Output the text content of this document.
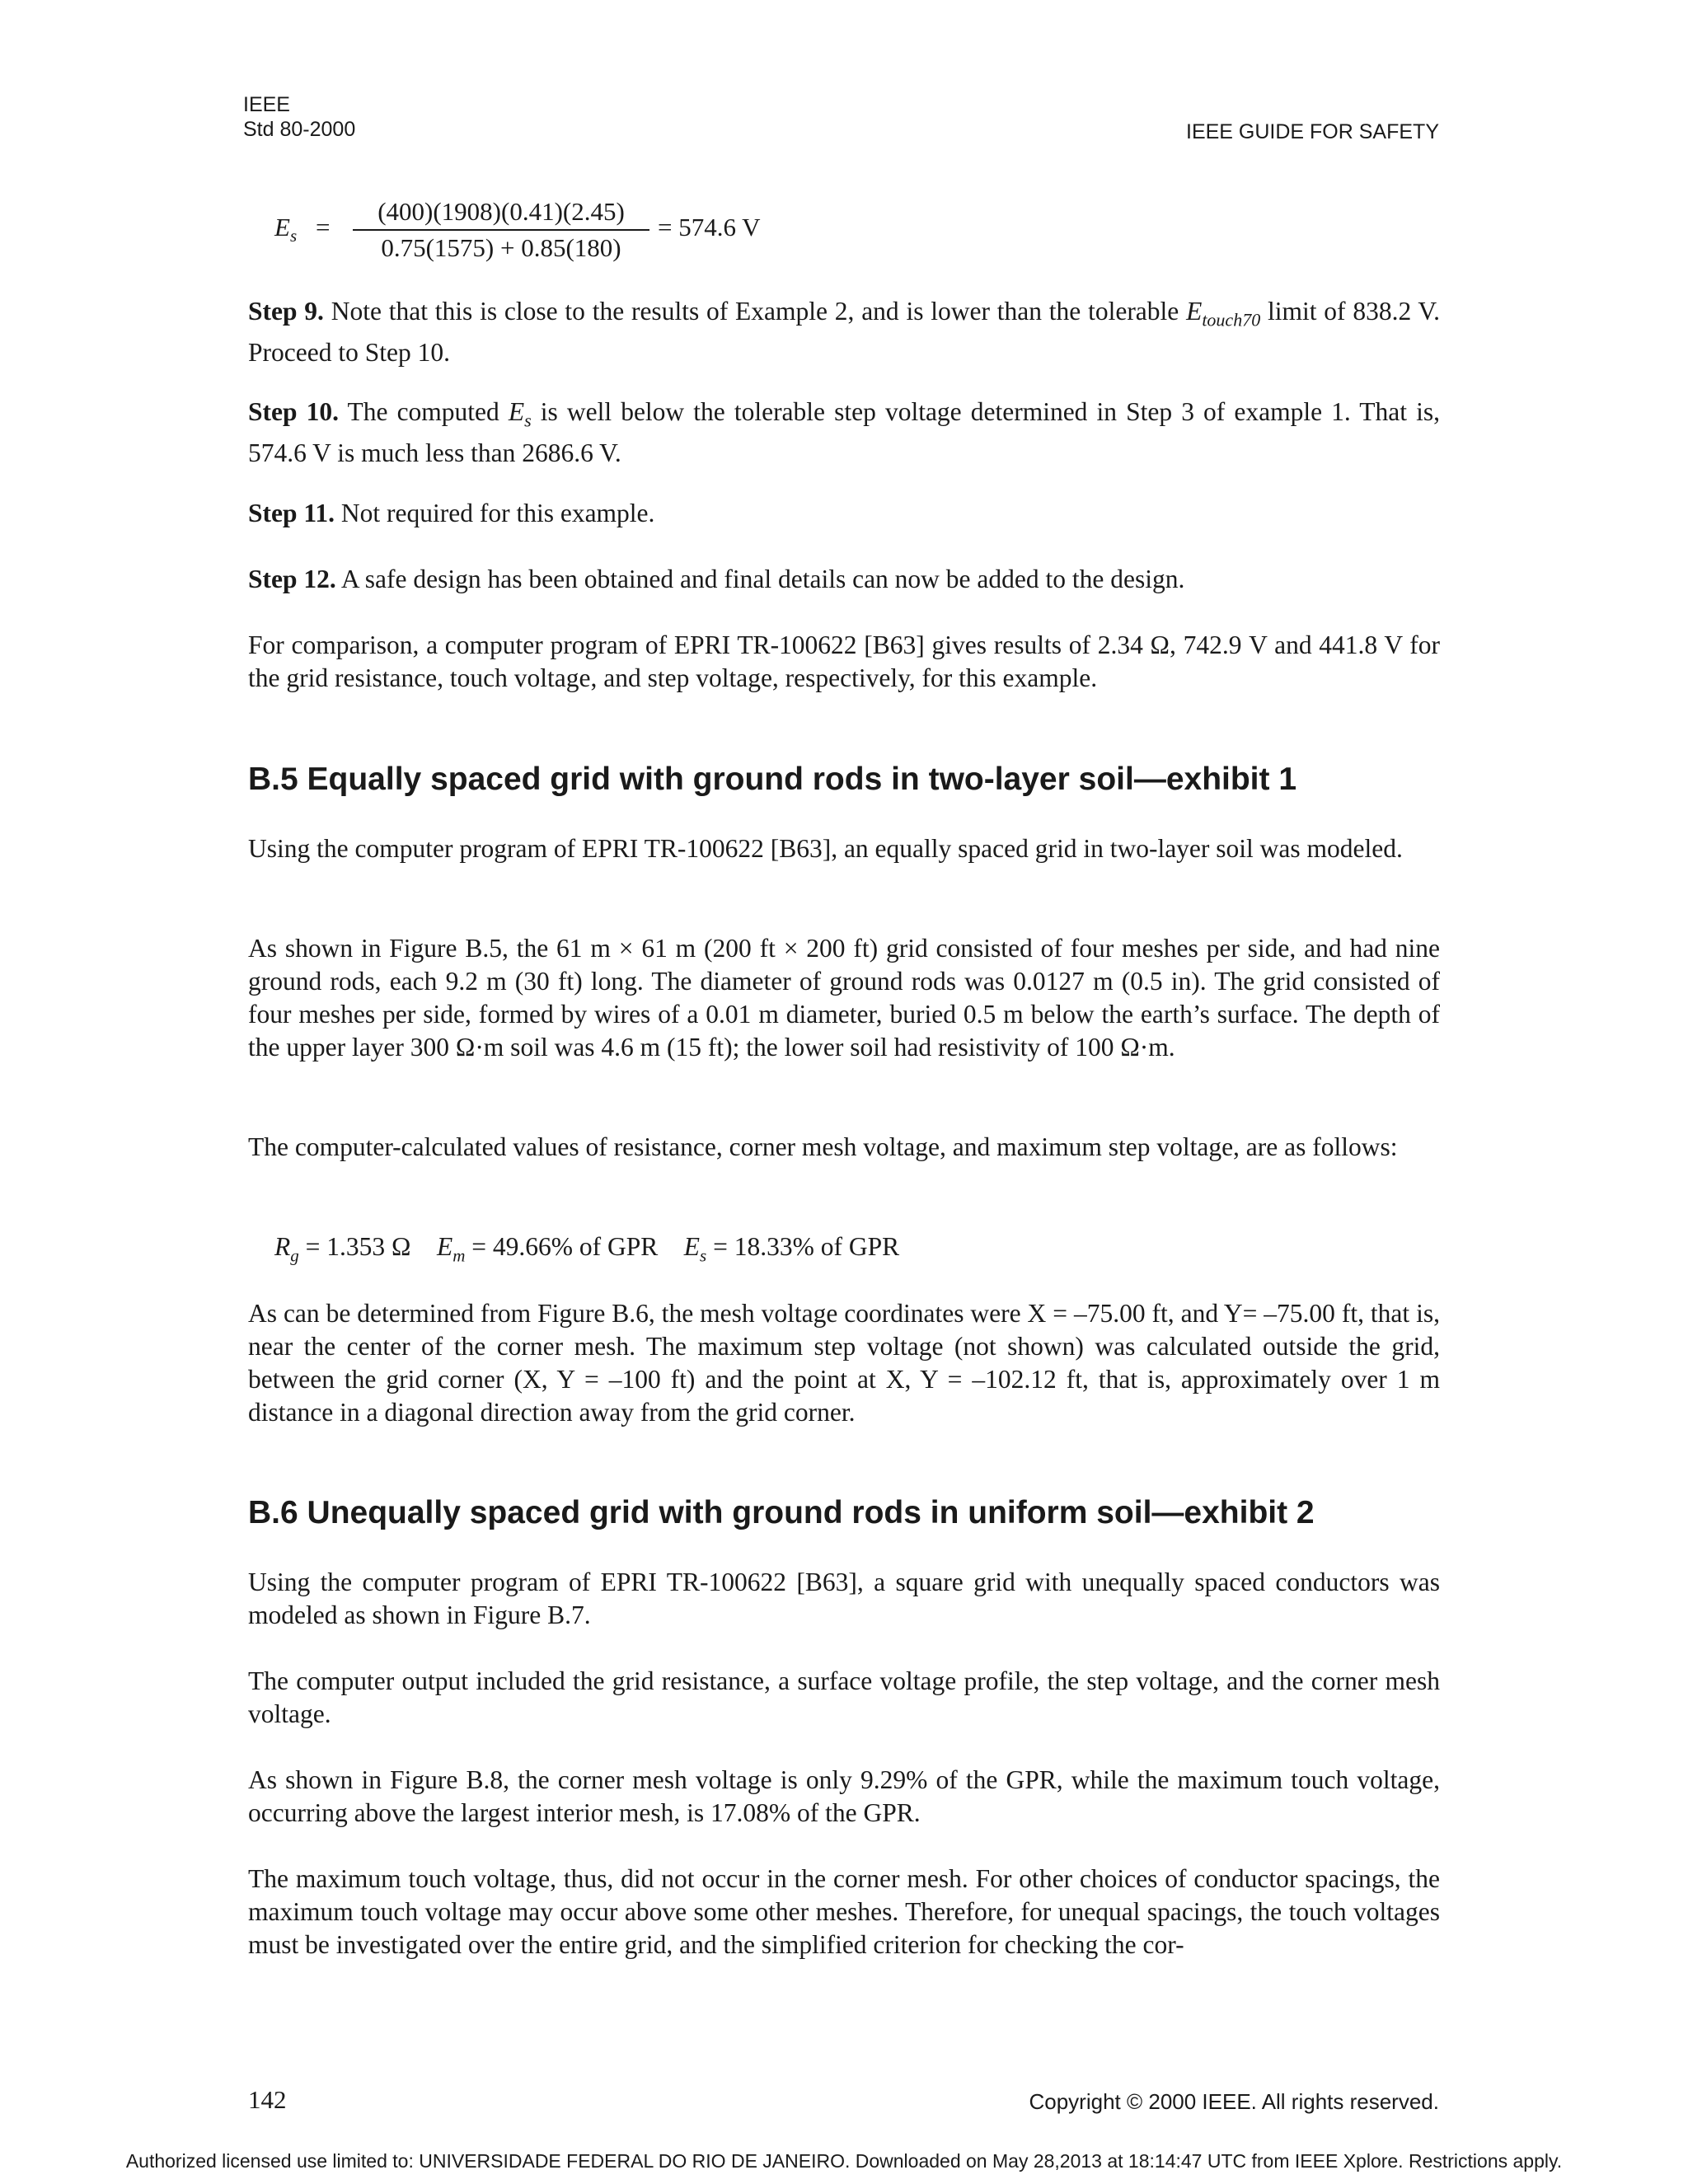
IEEE
Std 80-2000	IEEE GUIDE FOR SAFETY
$E_s$ =
(400)(1908)(0.41)(2.45)
0.75(1575) + 0.85(180)
= 574.6 V

Step 9. Note that this is close to the results of Example 2, and is lower than the tolerable $E_{touch70}$ limit of 838.2 V. Proceed to Step 10.

Step 10. The computed $E_s$ is well below the tolerable step voltage determined in Step 3 of example 1. That is, 574.6 V is much less than 2686.6 V.

Step 11. Not required for this example.

Step 12. A safe design has been obtained and final details can now be added to the design.

For comparison, a computer program of EPRI TR-100622 [B63] gives results of 2.34 Ω, 742.9 V and 441.8 V for the grid resistance, touch voltage, and step voltage, respectively, for this example.

B.5 Equally spaced grid with ground rods in two-layer soil—exhibit 1

Using the computer program of EPRI TR-100622 [B63], an equally spaced grid in two-layer soil was modeled.

As shown in Figure B.5, the 61 m × 61 m (200 ft × 200 ft) grid consisted of four meshes per side, and had nine ground rods, each 9.2 m (30 ft) long. The diameter of ground rods was 0.0127 m (0.5 in). The grid consisted of four meshes per side, formed by wires of a 0.01 m diameter, buried 0.5 m below the earth’s surface. The depth of the upper layer 300 Ω·m soil was 4.6 m (15 ft); the lower soil had resistivity of 100 Ω·m.

The computer-calculated values of resistance, corner mesh voltage, and maximum step voltage, are as follows:

$R_g = 1.353$ Ω $E_m = 49.66\%$ of GPR $E_s = 18.33\%$ of GPR

As can be determined from Figure B.6, the mesh voltage coordinates were X = –75.00 ft, and Y= –75.00 ft, that is, near the center of the corner mesh. The maximum step voltage (not shown) was calculated outside the grid, between the grid corner (X, Y = –100 ft) and the point at X, Y = –102.12 ft, that is, approximately over 1 m distance in a diagonal direction away from the grid corner.

B.6 Unequally spaced grid with ground rods in uniform soil—exhibit 2

Using the computer program of EPRI TR-100622 [B63], a square grid with unequally spaced conductors was modeled as shown in Figure B.7.

The computer output included the grid resistance, a surface voltage profile, the step voltage, and the corner mesh voltage.

As shown in Figure B.8, the corner mesh voltage is only 9.29% of the GPR, while the maximum touch voltage, occurring above the largest interior mesh, is 17.08% of the GPR.

The maximum touch voltage, thus, did not occur in the corner mesh. For other choices of conductor spacings, the maximum touch voltage may occur above some other meshes. Therefore, for unequal spacings, the touch voltages must be investigated over the entire grid, and the simplified criterion for checking the cor-

142	Copyright © 2000 IEEE. All rights reserved.
Authorized licensed use limited to: UNIVERSIDADE FEDERAL DO RIO DE JANEIRO. Downloaded on May 28,2013 at 18:14:47 UTC from IEEE Xplore. Restrictions apply.
